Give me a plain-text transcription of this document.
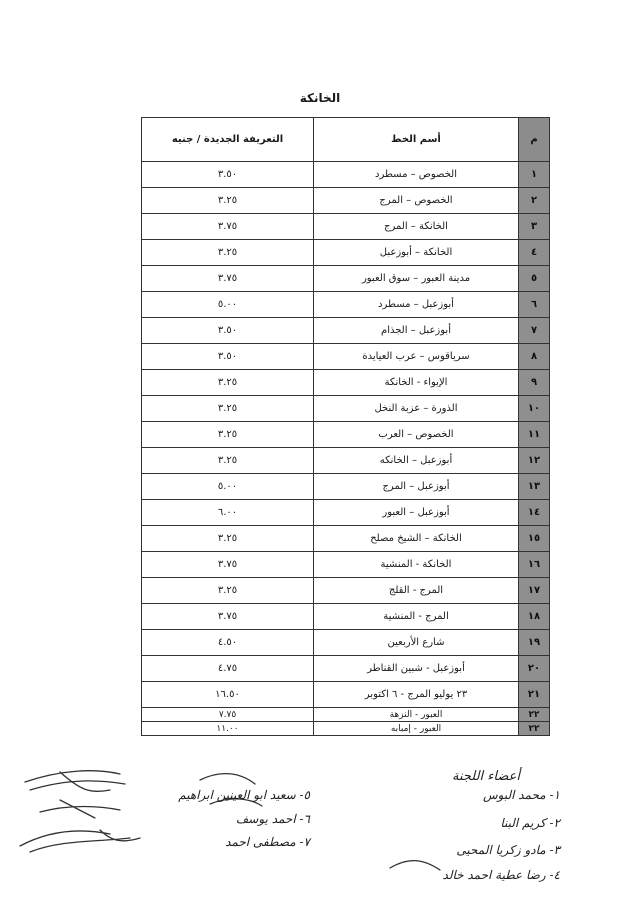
الخانكة
م	أسم الخط	التعريفة الجديدة / جنيه
١	الخصوص – مسطرد	٣.٥٠
٢	الخصوص – المرج	٣.٢٥
٣	الخانكة – المرج	٣.٧٥
٤	الخانكة – أبوزعبل	٣.٢٥
٥	مدينة العبور – سوق العبور	٣.٧٥
٦	أبوزعبل – مسطرد	٥.٠٠
٧	أبوزعبل – الجذام	٣.٥٠
٨	سرياقوس – عرب العيايدة	٣.٥٠
٩	الإيواء - الخانكة	٣.٢٥
١٠	الذورة – عزبة النخل	٣.٢٥
١١	الخصوص – العرب	٣.٢٥
١٢	أبوزعبل – الخانكه	٣.٢٥
١٣	أبوزعبل – المرج	٥.٠٠
١٤	أبوزعبل – العبور	٦.٠٠
١٥	الخانكة – الشيخ مصلح	٣.٢٥
١٦	الخانكة - المنشية	٣.٧٥
١٧	المرج - القلج	٣.٢٥
١٨	المرج - المنشية	٣.٧٥
١٩	شارع الأربعين	٤.٥٠
٢٠	أبوزعبل - شبين القناطر	٤.٧٥
٢١	٢٣ يوليو المرج - ٦ اكتوبر	١٦.٥٠
٢٢	العبور - النزهة	٧.٧٥
٢٢	العبور - إمبابه	١١.٠٠
أعضاء اللجنة
١- محمد البوس
٢- كريم البنا
٣- مادو زكريا المحيى
٤- رضا عطية احمد خالد
٥- سعيد ابو العينين ابراهيم
٦- احمد يوسف
٧- مصطفى احمد
